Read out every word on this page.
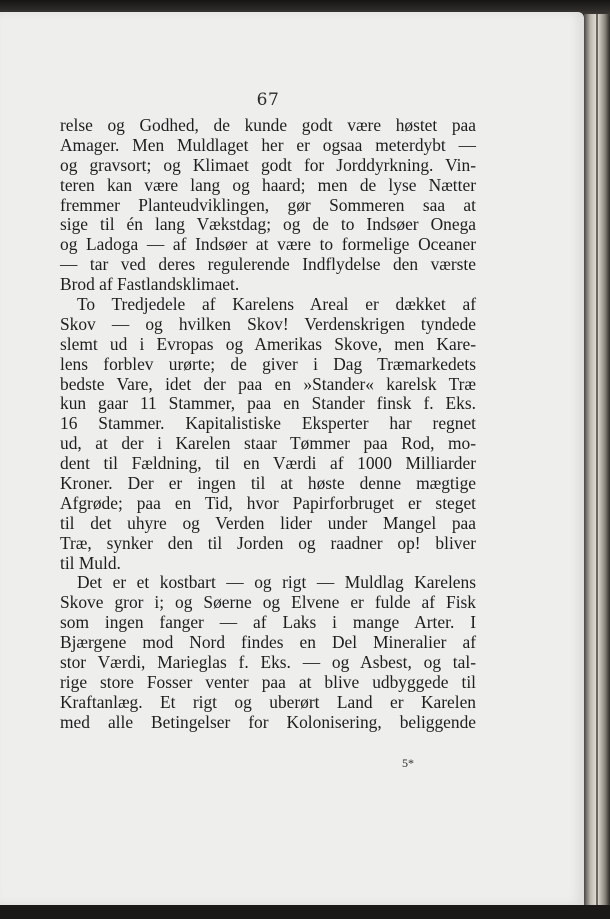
67
relse og Godhed, de kunde godt være høstet paa
Amager. Men Muldlaget her er ogsaa meterdybt —
og gravsort; og Klimaet godt for Jorddyrkning. Vin-
teren kan være lang og haard; men de lyse Nætter
fremmer Planteudviklingen, gør Sommeren saa at
sige til én lang Vækstdag; og de to Indsøer Onega
og Ladoga — af Indsøer at være to formelige Oceaner
— tar ved deres regulerende Indflydelse den værste
Brod af Fastlandsklimaet.
To Tredjedele af Karelens Areal er dækket af
Skov — og hvilken Skov! Verdenskrigen tyndede
slemt ud i Evropas og Amerikas Skove, men Kare-
lens forblev urørte; de giver i Dag Træmarkedets
bedste Vare, idet der paa en »Stander« karelsk Træ
kun gaar 11 Stammer, paa en Stander finsk f. Eks.
16 Stammer. Kapitalistiske Eksperter har regnet
ud, at der i Karelen staar Tømmer paa Rod, mo-
dent til Fældning, til en Værdi af 1000 Milliarder
Kroner. Der er ingen til at høste denne mægtige
Afgrøde; paa en Tid, hvor Papirforbruget er steget
til det uhyre og Verden lider under Mangel paa
Træ, synker den til Jorden og raadner op! bliver
til Muld.
Det er et kostbart — og rigt — Muldlag Karelens
Skove gror i; og Søerne og Elvene er fulde af Fisk
som ingen fanger — af Laks i mange Arter. I
Bjærgene mod Nord findes en Del Mineralier af
stor Værdi, Marieglas f. Eks. — og Asbest, og tal-
rige store Fosser venter paa at blive udbyggede til
Kraftanlæg. Et rigt og uberørt Land er Karelen
med alle Betingelser for Kolonisering, beliggende
5*
